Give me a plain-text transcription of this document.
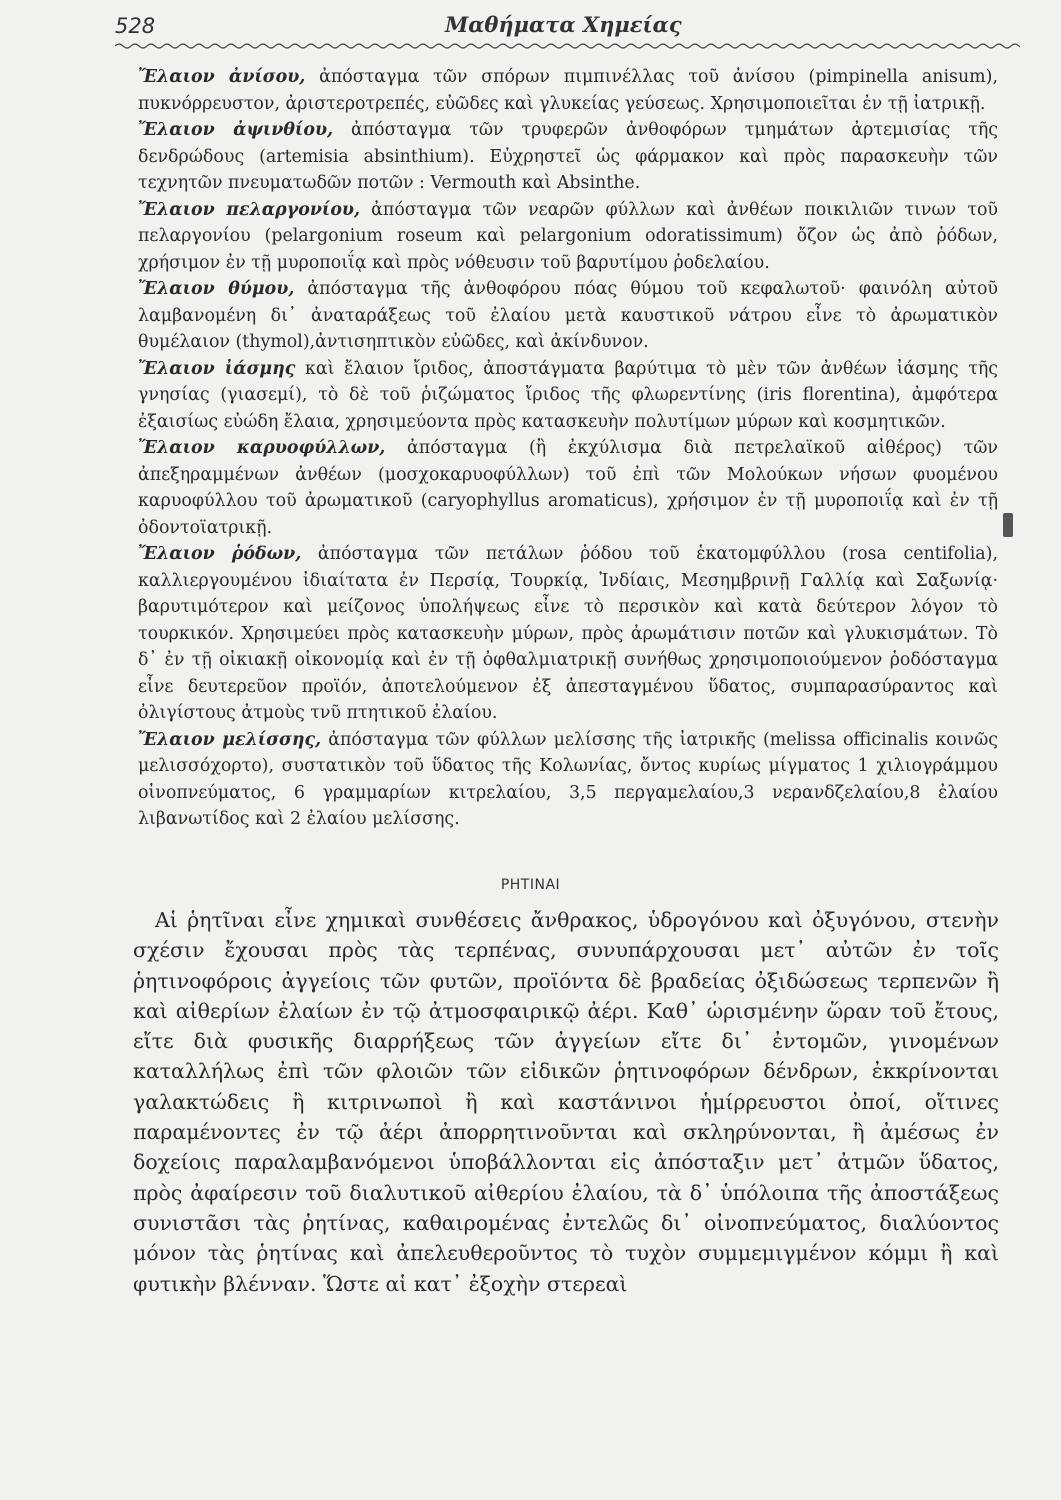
528	Μαθήματα Χημείας

Ἔλαιον ἀνίσου, ἀπόσταγμα τῶν σπόρων πιμπινέλλας τοῦ ἀνίσου (pimpinella anisum), πυκνόρρευστον, ἀριστεροτρεπές, εὐῶδες καὶ γλυκείας γεύσεως. Χρησιμοποιεῖται ἐν τῇ ἰατρικῇ.

Ἔλαιον ἀψινθίου, ἀπόσταγμα τῶν τρυφερῶν ἀνθοφόρων τμημάτων ἀρτεμισίας τῆς δενδρώδους (artemisia absinthium). Εὐχρηστεῖ ὡς φάρμακον καὶ πρὸς παρασκευὴν τῶν τεχνητῶν πνευματωδῶν ποτῶν : Vermouth καὶ Absinthe.

Ἔλαιον πελαργονίου, ἀπόσταγμα τῶν νεαρῶν φύλλων καὶ ἀνθέων ποικιλιῶν τινων τοῦ πελαργονίου (pelargonium roseum καὶ pelargonium odoratissimum) ὄζον ὡς ἀπὸ ῥόδων, χρήσιμον ἐν τῇ μυροποιΐᾳ καὶ πρὸς νόθευσιν τοῦ βαρυτίμου ῥοδελαίου.

Ἔλαιον θύμου, ἀπόσταγμα τῆς ἀνθοφόρου πόας θύμου τοῦ κεφαλωτοῦ· φαινόλη αὐτοῦ λαμβανομένη δι᾽ ἀναταράξεως τοῦ ἐλαίου μετὰ καυστικοῦ νάτρου εἶνε τὸ ἀρωματικὸν θυμέλαιον (thymol),ἀντισηπτικὸν εὐῶδες, καὶ ἀκίνδυνον.

Ἔλαιον ἰάσμης καὶ ἔλαιον ἴριδος, ἀποστάγματα βαρύτιμα τὸ μὲν τῶν ἀνθέων ἰάσμης τῆς γνησίας (γιασεμί), τὸ δὲ τοῦ ῥιζώματος ἴριδος τῆς φλωρεντίνης (iris florentina), ἀμφότερα ἐξαισίως εὐώδη ἔλαια, χρησιμεύοντα πρὸς κατασκευὴν πολυτίμων μύρων καὶ κοσμητικῶν.

Ἔλαιον καρυοφύλλων, ἀπόσταγμα (ἢ ἐκχύλισμα διὰ πετρελαϊκοῦ αἰθέρος) τῶν ἀπεξηραμμένων ἀνθέων (μοσχοκαρυοφύλλων) τοῦ ἐπὶ τῶν Μολούκων νήσων φυομένου καρυοφύλλου τοῦ ἀρωματικοῦ (caryophyllus aromaticus), χρήσιμον ἐν τῇ μυροποιΐᾳ καὶ ἐν τῇ ὀδοντοϊατρικῇ.

Ἔλαιον ῥόδων, ἀπόσταγμα τῶν πετάλων ῥόδου τοῦ ἑκατομφύλλου (rosa centifolia), καλλιεργουμένου ἰδιαίτατα ἐν Περσίᾳ, Τουρκίᾳ, Ἰνδίαις, Μεσημβρινῇ Γαλλίᾳ καὶ Σαξωνίᾳ· βαρυτιμότερον καὶ μείζονος ὑπολήψεως εἶνε τὸ περσικὸν καὶ κατὰ δεύτερον λόγον τὸ τουρκικόν. Χρησιμεύει πρὸς κατασκευὴν μύρων, πρὸς ἀρωμάτισιν ποτῶν καὶ γλυκισμάτων. Τὸ δ᾽ ἐν τῇ οἰκιακῇ οἰκονομίᾳ καὶ ἐν τῇ ὀφθαλμιατρικῇ συνήθως χρησιμοποιούμενον ῥοδόσταγμα εἶνε δευτερεῦον προϊόν, ἀποτελούμενον ἐξ ἀπεσταγμένου ὕδατος, συμπαρασύραντος καὶ ὀλιγίστους ἀτμοὺς τνῦ πτητικοῦ ἐλαίου.

Ἔλαιον μελίσσης, ἀπόσταγμα τῶν φύλλων μελίσσης τῆς ἰατρικῆς (melissa officinalis κοινῶς μελισσόχορτο), συστατικὸν τοῦ ὕδατος τῆς Κολωνίας, ὄντος κυρίως μίγματος 1 χιλιογράμμου οἰνοπνεύματος, 6 γραμμαρίων κιτρελαίου, 3,5 περγαμελαίου,3 νερανδζελαίου,8 ἐλαίου λιβανωτίδος καὶ 2 ἐλαίου μελίσσης.

ΡΗΤΙΝΑΙ

Αἱ ῥητῖναι εἶνε χημικαὶ συνθέσεις ἄνθρακος, ὑδρογόνου καὶ ὀξυγόνου, στενὴν σχέσιν ἔχουσαι πρὸς τὰς τερπένας, συνυπάρχουσαι μετ᾽ αὐτῶν ἐν τοῖς ῥητινοφόροις ἀγγείοις τῶν φυτῶν, προϊόντα δὲ βραδείας ὀξιδώσεως τερπενῶν ἢ καὶ αἰθερίων ἐλαίων ἐν τῷ ἀτμοσφαιρικῷ ἀέρι. Καθ᾽ ὡρισμένην ὥραν τοῦ ἔτους, εἴτε διὰ φυσικῆς διαρρήξεως τῶν ἀγγείων εἴτε δι᾽ ἐντομῶν, γινομένων καταλλήλως ἐπὶ τῶν φλοιῶν τῶν εἰδικῶν ῥητινοφόρων δένδρων, ἐκκρίνονται γαλακτώδεις ἢ κιτρινωποὶ ἢ καὶ καστάνινοι ἡμίρρευστοι ὀποί, οἵτινες παραμένοντες ἐν τῷ ἀέρι ἀπορρητινοῦνται καὶ σκληρύνονται, ἢ ἀμέσως ἐν δοχείοις παραλαμβανόμενοι ὑποβάλλονται εἰς ἀπόσταξιν μετ᾽ ἀτμῶν ὕδατος, πρὸς ἀφαίρεσιν τοῦ διαλυτικοῦ αἰθερίου ἐλαίου, τὰ δ᾽ ὑπόλοιπα τῆς ἀποστάξεως συνιστᾶσι τὰς ῥητίνας, καθαιρομένας ἐντελῶς δι᾽ οἰνοπνεύματος, διαλύοντος μόνον τὰς ῥητίνας καὶ ἀπελευθεροῦντος τὸ τυχὸν συμμεμιγμένον κόμμι ἢ καὶ φυτικὴν βλένναν. Ὥστε αἱ κατ᾽ ἐξοχὴν στερεαὶ
